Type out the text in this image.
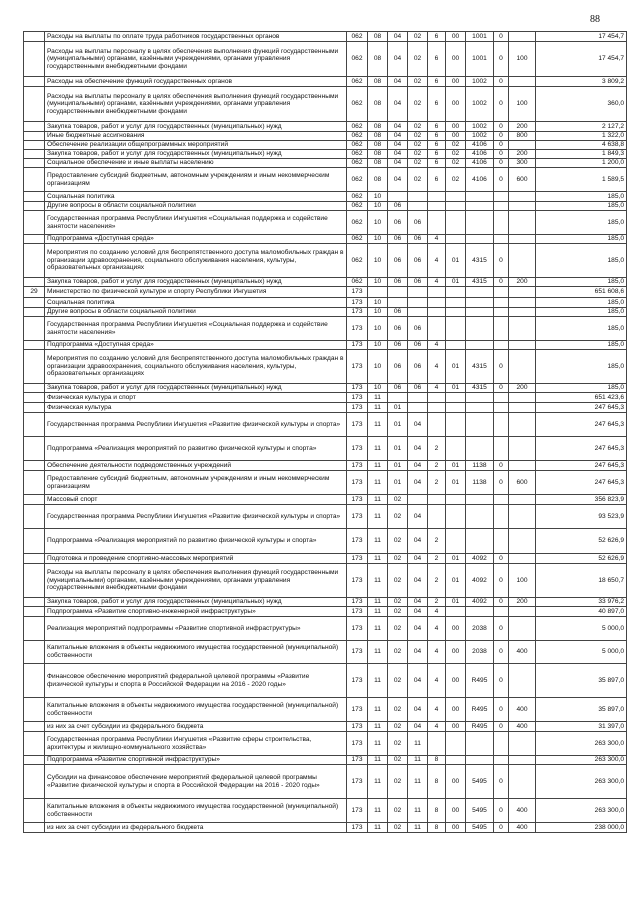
88
	Расходы на выплаты по оплате труда работников государственных органов	062	08	04	02	6	00	1001	0		17 454,7
	Расходы на выплаты персоналу в целях обеспечения выполнения функций государственными (муниципальными) органами, казёнными учреждениями, органами управления государственными внебюджетными фондами	062	08	04	02	6	00	1001	0	100	17 454,7
	Расходы на обеспечение функций государственных органов	062	08	04	02	6	00	1002	0		3 809,2
	Расходы на выплаты персоналу в целях обеспечения выполнения функций государственными (муниципальными) органами, казёнными учреждениями, органами управления государственными внебюджетными фондами	062	08	04	02	6	00	1002	0	100	360,0
	Закупка товаров, работ и услуг для государственных (муниципальных) нужд	062	08	04	02	6	00	1002	0	200	2 127,2
	Иные бюджетные ассигнования	062	08	04	02	6	00	1002	0	800	1 322,0
	Обеспечение реализации общепрограммных мероприятий	062	08	04	02	6	02	4106	0		4 638,8
	Закупка товаров, работ и услуг для государственных (муниципальных) нужд	062	08	04	02	6	02	4106	0	200	1 849,3
	Социальное обеспечение и иные выплаты населению	062	08	04	02	6	02	4106	0	300	1 200,0
	Предоставление субсидий бюджетным, автономным учреждениям и иным некоммерческим организациям	062	08	04	02	6	02	4106	0	600	1 589,5
	Социальная политика	062	10								185,0
	Другие вопросы в области социальной политики	062	10	06							185,0
	Государственная программа Республики Ингушетия «Социальная поддержка и содействие занятости населения»	062	10	06	06						185,0
	Подпрограмма «Доступная среда»	062	10	06	06	4					185,0
	Мероприятия по созданию условий для беспрепятственного доступа маломобильных граждан в организации здравоохранения, социального обслуживания населения, культуры, образовательных организациях	062	10	06	06	4	01	4315	0		185,0
	Закупка товаров, работ и услуг для государственных (муниципальных) нужд	062	10	06	06	4	01	4315	0	200	185,0
29	Министерство по физической культуре и спорту Республики Ингушетия	173									651 608,6
	Социальная политика	173	10								185,0
	Другие вопросы в области социальной политики	173	10	06							185,0
	Государственная программа Республики Ингушетия «Социальная поддержка и содействие занятости населения»	173	10	06	06						185,0
	Подпрограмма «Доступная среда»	173	10	06	06	4					185,0
	Мероприятия по созданию условий для беспрепятственного доступа маломобильных граждан в организации здравоохранения, социального обслуживания населения, культуры, образовательных организациях	173	10	06	06	4	01	4315	0		185,0
	Закупка товаров, работ и услуг для государственных (муниципальных) нужд	173	10	06	06	4	01	4315	0	200	185,0
	Физическая культура и спорт	173	11								651 423,6
	Физическая культура	173	11	01							247 645,3
	Государственная программа Республики Ингушетия «Развитие физической культуры и спорта»	173	11	01	04						247 645,3
	Подпрограмма «Реализация мероприятий по развитию физической культуры и спорта»	173	11	01	04	2					247 645,3
	Обеспечение деятельности подведомственных учреждений	173	11	01	04	2	01	1138	0		247 645,3
	Предоставление субсидий бюджетным, автономным учреждениям и иным некоммерческим организациям	173	11	01	04	2	01	1138	0	600	247 645,3
	Массовый спорт	173	11	02							356 823,9
	Государственная программа Республики Ингушетия «Развитие физической культуры и спорта»	173	11	02	04						93 523,9
	Подпрограмма «Реализация мероприятий по развитию физической культуры и спорта»	173	11	02	04	2					52 626,9
	Подготовка и проведение спортивно-массовых мероприятий	173	11	02	04	2	01	4092	0		52 626,9
	Расходы на выплаты персоналу в целях обеспечения выполнения функций государственными (муниципальными) органами, казёнными учреждениями, органами управления государственными внебюджетными фондами	173	11	02	04	2	01	4092	0	100	18 650,7
	Закупка товаров, работ и услуг для государственных (муниципальных) нужд	173	11	02	04	2	01	4092	0	200	33 976,2
	Подпрограмма «Развитие спортивно-инженерной инфраструктуры»	173	11	02	04	4					40 897,0
	Реализация мероприятий подпрограммы «Развитие спортивной инфраструктуры»	173	11	02	04	4	00	2038	0		5 000,0
	Капитальные вложения в объекты недвижимого имущества государственной (муниципальной) собственности	173	11	02	04	4	00	2038	0	400	5 000,0
	Финансовое обеспечение мероприятий федеральной целевой программы «Развитие физической культуры и спорта в Российской Федерации на 2016 - 2020 годы»	173	11	02	04	4	00	R495	0		35 897,0
	Капитальные вложения в объекты недвижимого имущества государственной (муниципальной) собственности	173	11	02	04	4	00	R495	0	400	35 897,0
	из них за счет субсидии из федерального бюджета	173	11	02	04	4	00	R495	0	400	31 397,0
	Государственная программа Республики Ингушетия «Развитие сферы строительства, архитектуры и жилищно-коммунального хозяйства»	173	11	02	11						263 300,0
	Подпрограмма «Развитие спортивной инфраструктуры»	173	11	02	11	8					263 300,0
	Субсидии на финансовое обеспечение мероприятий федеральной целевой программы «Развитие физической культуры и спорта в Российской Федерации на 2016 - 2020 годы»	173	11	02	11	8	00	5495	0		263 300,0
	Капитальные вложения в объекты недвижимого имущества государственной (муниципальной) собственности	173	11	02	11	8	00	5495	0	400	263 300,0
	из них за счет субсидии из федерального бюджета	173	11	02	11	8	00	5495	0	400	238 000,0
